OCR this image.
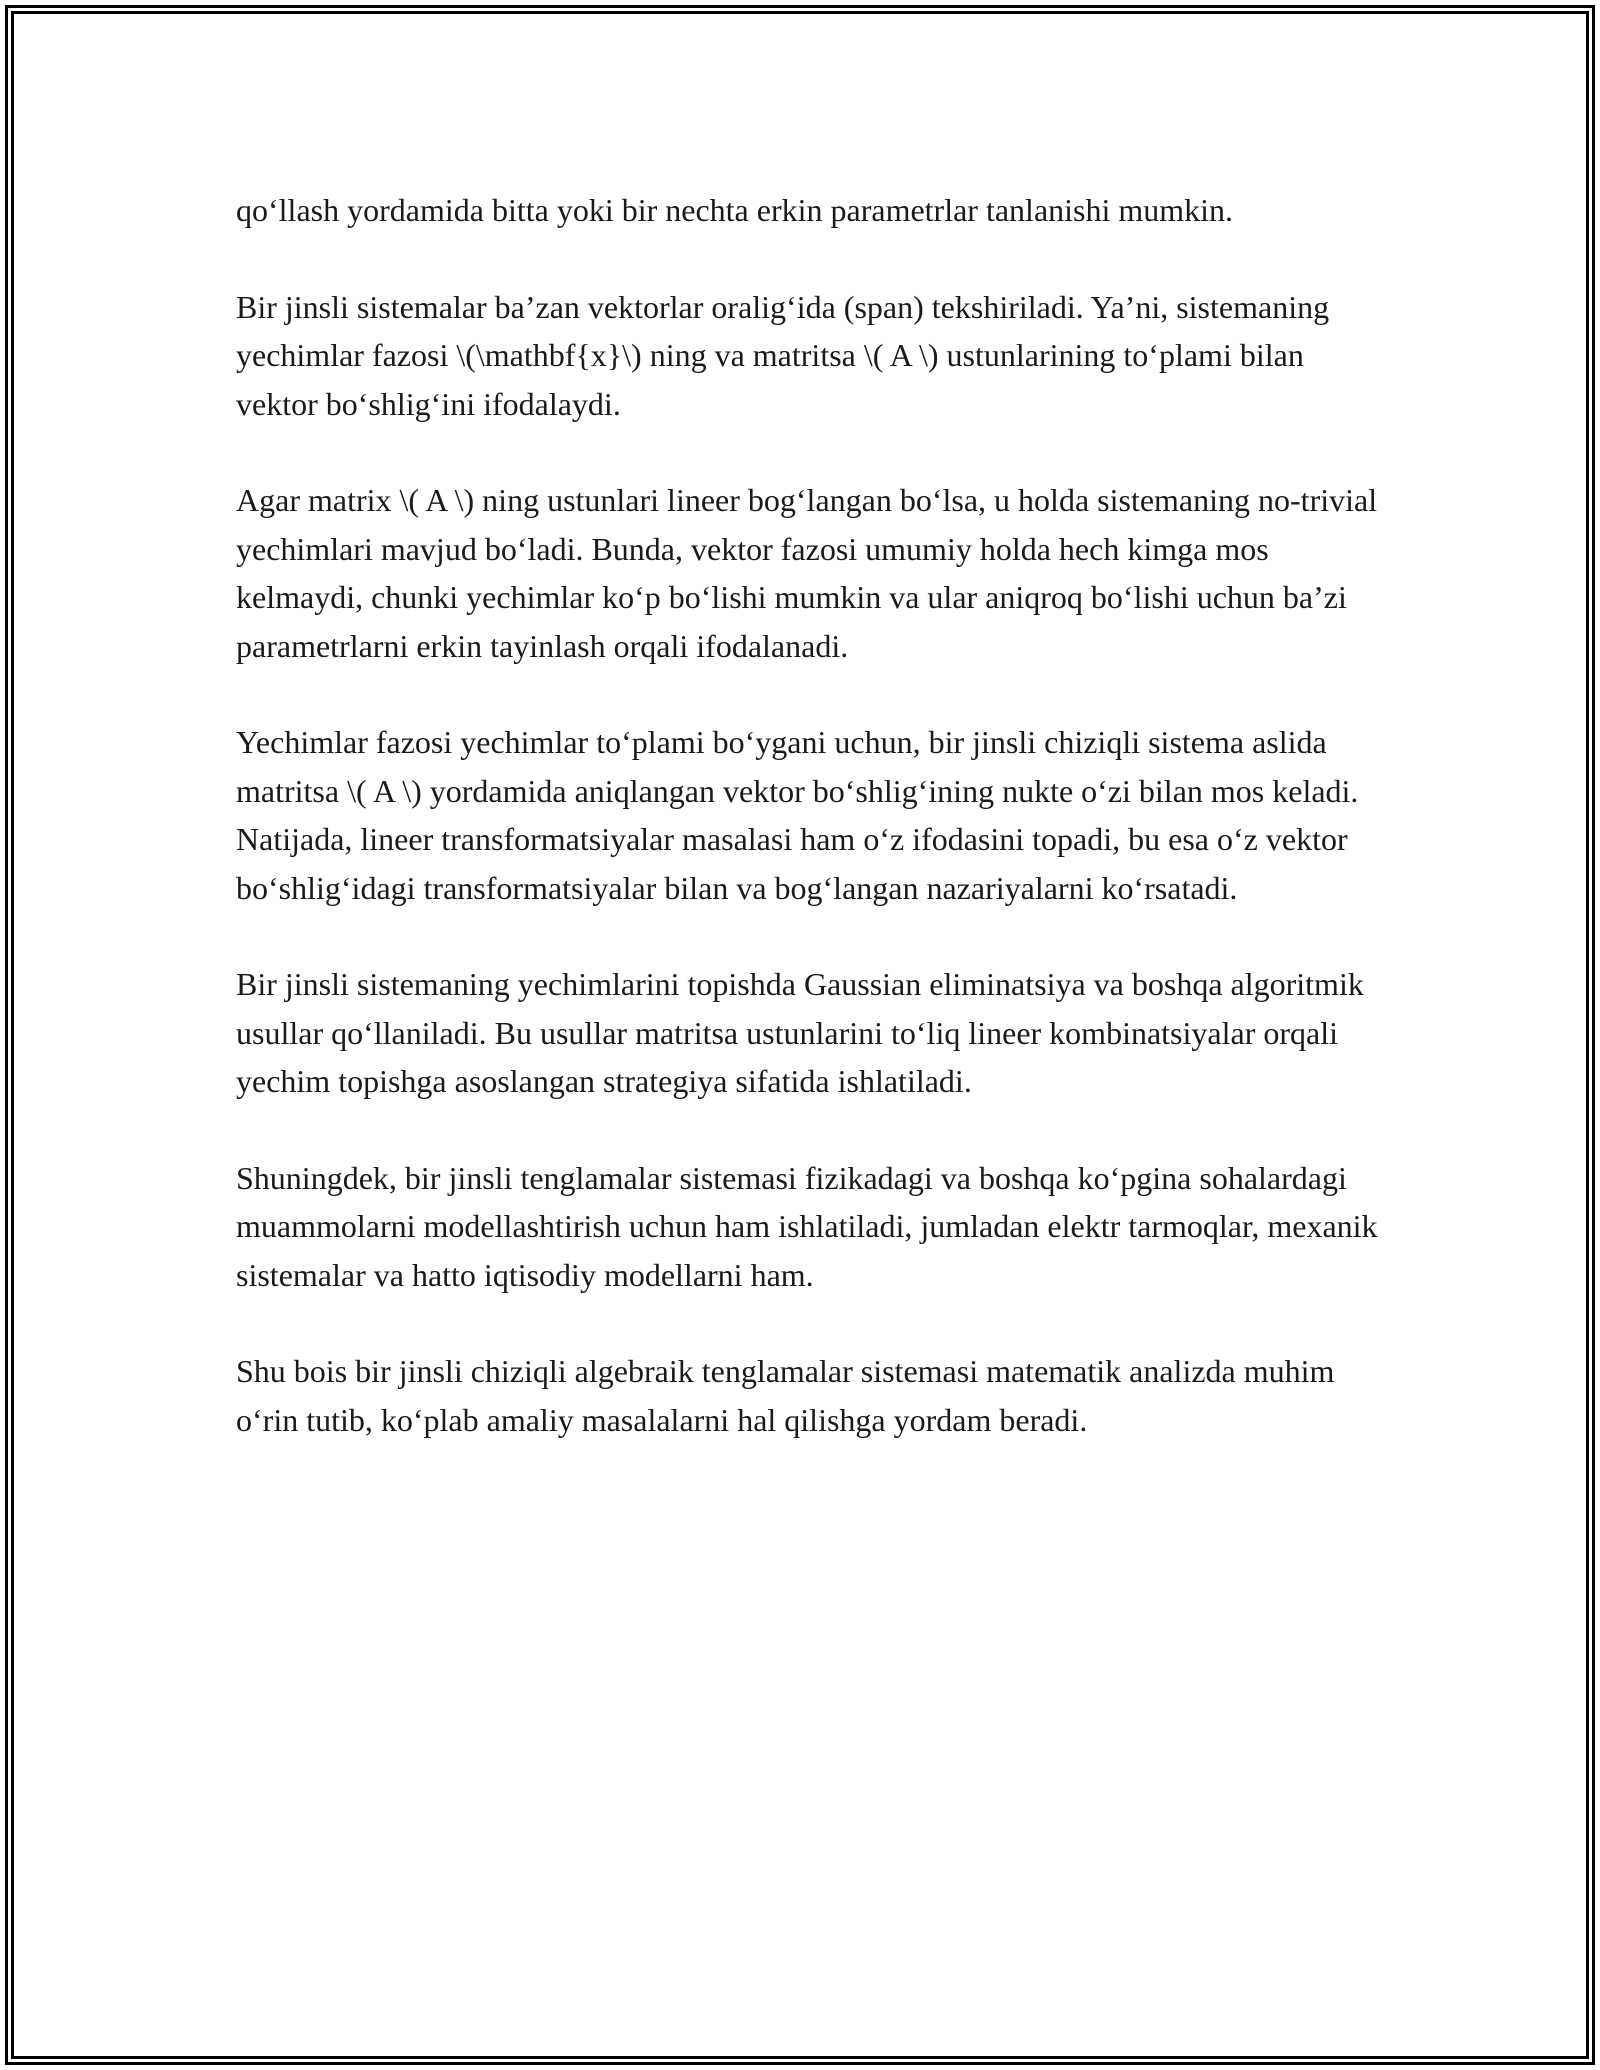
qo‘llash yordamida bitta yoki bir nechta erkin parametrlar tanlanishi mumkin.

Bir jinsli sistemalar ba’zan vektorlar oralig‘ida (span) tekshiriladi. Ya’ni, sistemaning yechimlar fazosi \(\mathbf{x}\) ning va matritsa \( A \) ustunlarining to‘plami bilan vektor bo‘shlig‘ini ifodalaydi.

Agar matrix \( A \) ning ustunlari lineer bog‘langan bo‘lsa, u holda sistemaning no-trivial yechimlari mavjud bo‘ladi. Bunda, vektor fazosi umumiy holda hech kimga mos kelmaydi, chunki yechimlar ko‘p bo‘lishi mumkin va ular aniqroq bo‘lishi uchun ba’zi parametrlarni erkin tayinlash orqali ifodalanadi.

Yechimlar fazosi yechimlar to‘plami bo‘ygani uchun, bir jinsli chiziqli sistema aslida matritsa \( A \) yordamida aniqlangan vektor bo‘shlig‘ining nukte o‘zi bilan mos keladi. Natijada, lineer transformatsiyalar masalasi ham o‘z ifodasini topadi, bu esa o‘z vektor bo‘shlig‘idagi transformatsiyalar bilan va bog‘langan nazariyalarni ko‘rsatadi.

Bir jinsli sistemaning yechimlarini topishda Gaussian eliminatsiya va boshqa algoritmik usullar qo‘llaniladi. Bu usullar matritsa ustunlarini to‘liq lineer kombinatsiyalar orqali yechim topishga asoslangan strategiya sifatida ishlatiladi.

Shuningdek, bir jinsli tenglamalar sistemasi fizikadagi va boshqa ko‘pgina sohalardagi muammolarni modellashtirish uchun ham ishlatiladi, jumladan elektr tarmoqlar, mexanik sistemalar va hatto iqtisodiy modellarni ham.

Shu bois bir jinsli chiziqli algebraik tenglamalar sistemasi matematik analizda muhim o‘rin tutib, ko‘plab amaliy masalalarni hal qilishga yordam beradi.
